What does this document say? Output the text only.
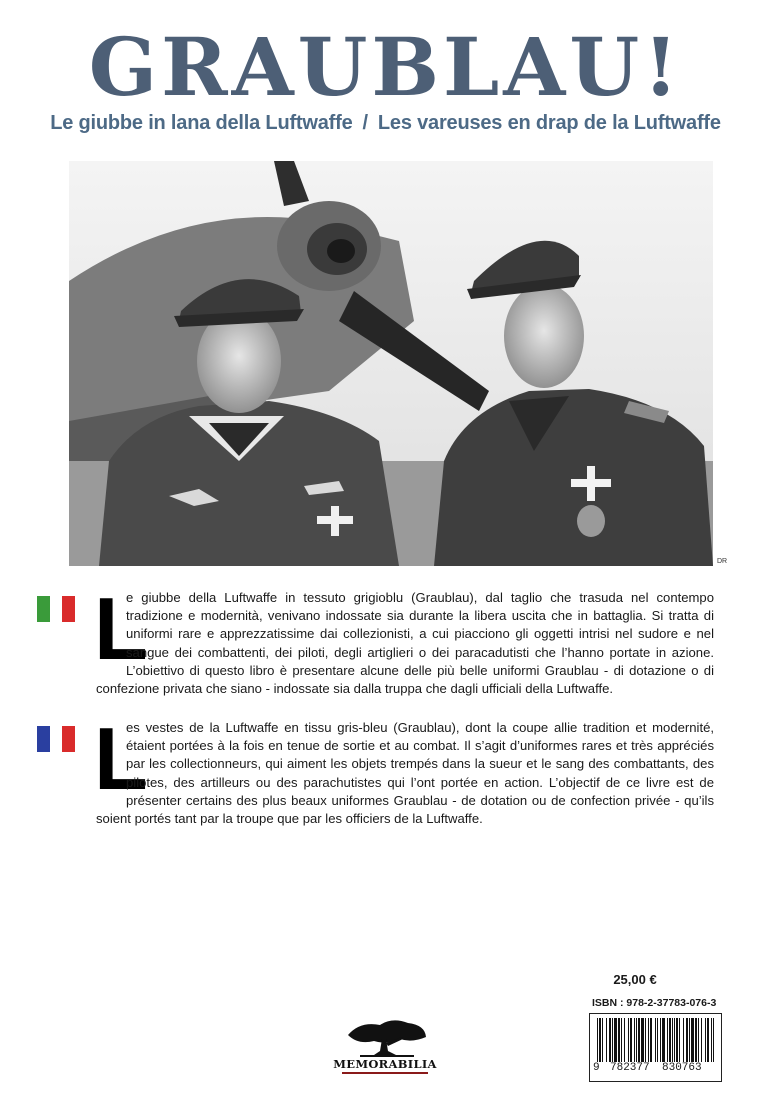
GRAUBLAU!
Le giubbe in lana della Luftwaffe / Les vareuses en drap de la Luftwaffe
DR
L
e giubbe della Luftwaffe in tessuto grigioblu (Graublau), dal taglio che trasuda nel contempo tradizione e modernità, venivano indossate sia durante la libera uscita che in battaglia. Si tratta di uniformi rare e apprezzatissime dai collezionisti, a cui piacciono gli oggetti intrisi nel sudore e nel sangue dei combattenti, dei piloti, degli artiglieri o dei paracadutisti che l’hanno portate in azione. L’obiettivo di questo libro è presentare alcune delle più belle uniformi Graublau - di dotazione o di confezione privata che siano - indossate sia dalla truppa che dagli ufficiali della Luftwaffe.
L
es vestes de la Luftwaffe en tissu gris-bleu (Graublau), dont la coupe allie tradition et modernité, étaient portées à la fois en tenue de sortie et au combat. Il s’agit d’uniformes rares et très appréciés par les collectionneurs, qui aiment les objets trempés dans la sueur et le sang des combattants, des pilotes, des artilleurs ou des parachutistes qui l’ont portée en action. L’objectif de ce livre est de présenter certains des plus beaux uniformes Graublau - de dotation ou de confection privée - qu’ils soient portés tant par la troupe que par les officiers de la Luftwaffe.
MEMORABILIA
25,00 €
ISBN : 978-2-37783-076-3
9 782377 830763
